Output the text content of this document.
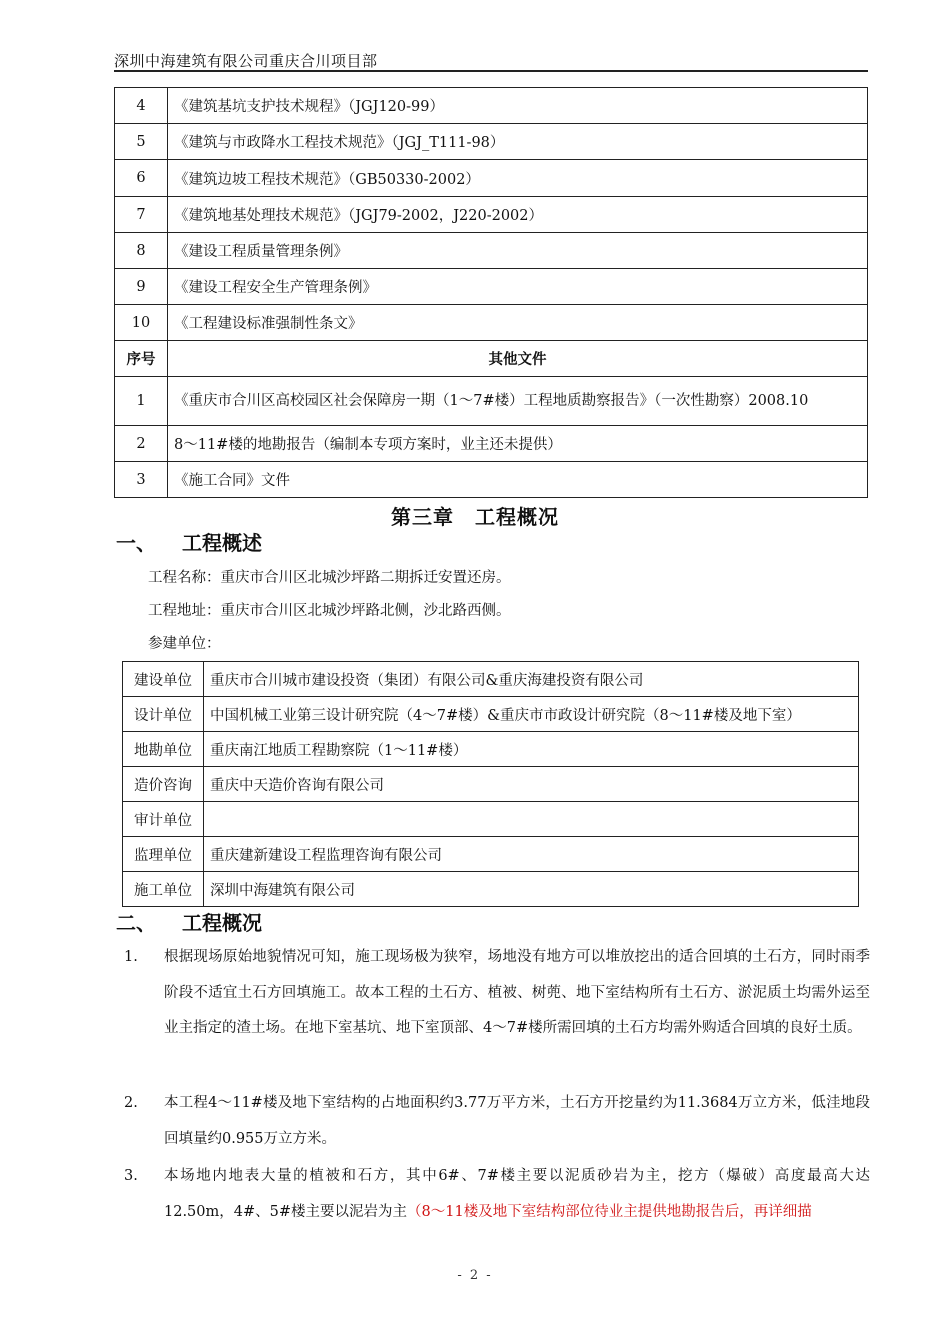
深圳中海建筑有限公司重庆合川项目部
4	《建筑基坑支护技术规程》（JGJ120-99）
5	《建筑与市政降水工程技术规范》（JGJ_T111-98）
6	《建筑边坡工程技术规范》（GB50330-2002）
7	《建筑地基处理技术规范》（JGJ79-2002，J220-2002）
8	《建设工程质量管理条例》
9	《建设工程安全生产管理条例》
10	《工程建设标准强制性条文》
序号	其他文件
1	《重庆市合川区高校园区社会保障房一期（1～7#楼）工程地质勘察报告》（一次性勘察）2008.10
2	8～11#楼的地勘报告（编制本专项方案时，业主还未提供）
3	《施工合同》文件
第三章　工程概况
一、 工程概述
工程名称：重庆市合川区北城沙坪路二期拆迁安置还房。
工程地址：重庆市合川区北城沙坪路北侧，沙北路西侧。
参建单位：
建设单位	重庆市合川城市建设投资（集团）有限公司&重庆海建投资有限公司
设计单位	中国机械工业第三设计研究院（4～7#楼）&重庆市市政设计研究院（8～11#楼及地下室）
地勘单位	重庆南江地质工程勘察院（1～11#楼）
造价咨询	重庆中天造价咨询有限公司
审计单位	
监理单位	重庆建新建设工程监理咨询有限公司
施工单位	深圳中海建筑有限公司
二、 工程概况
1. 根据现场原始地貌情况可知，施工现场极为狭窄，场地没有地方可以堆放挖出的适合回填的土石方，同时雨季阶段不适宜土石方回填施工。故本工程的土石方、植被、树蔸、地下室结构所有土石方、淤泥质土均需外运至业主指定的渣土场。在地下室基坑、地下室顶部、4～7#楼所需回填的土石方均需外购适合回填的良好土质。
2. 本工程4～11#楼及地下室结构的占地面积约3.77万平方米，土石方开挖量约为11.3684万立方米，低洼地段回填量约0.955万立方米。
3. 本场地内地表大量的植被和石方，其中6#、7#楼主要以泥质砂岩为主，挖方（爆破）高度最高大达12.50m，4#、5#楼主要以泥岩为主（8～11楼及地下室结构部位待业主提供地勘报告后，再详细描
- 2 -
